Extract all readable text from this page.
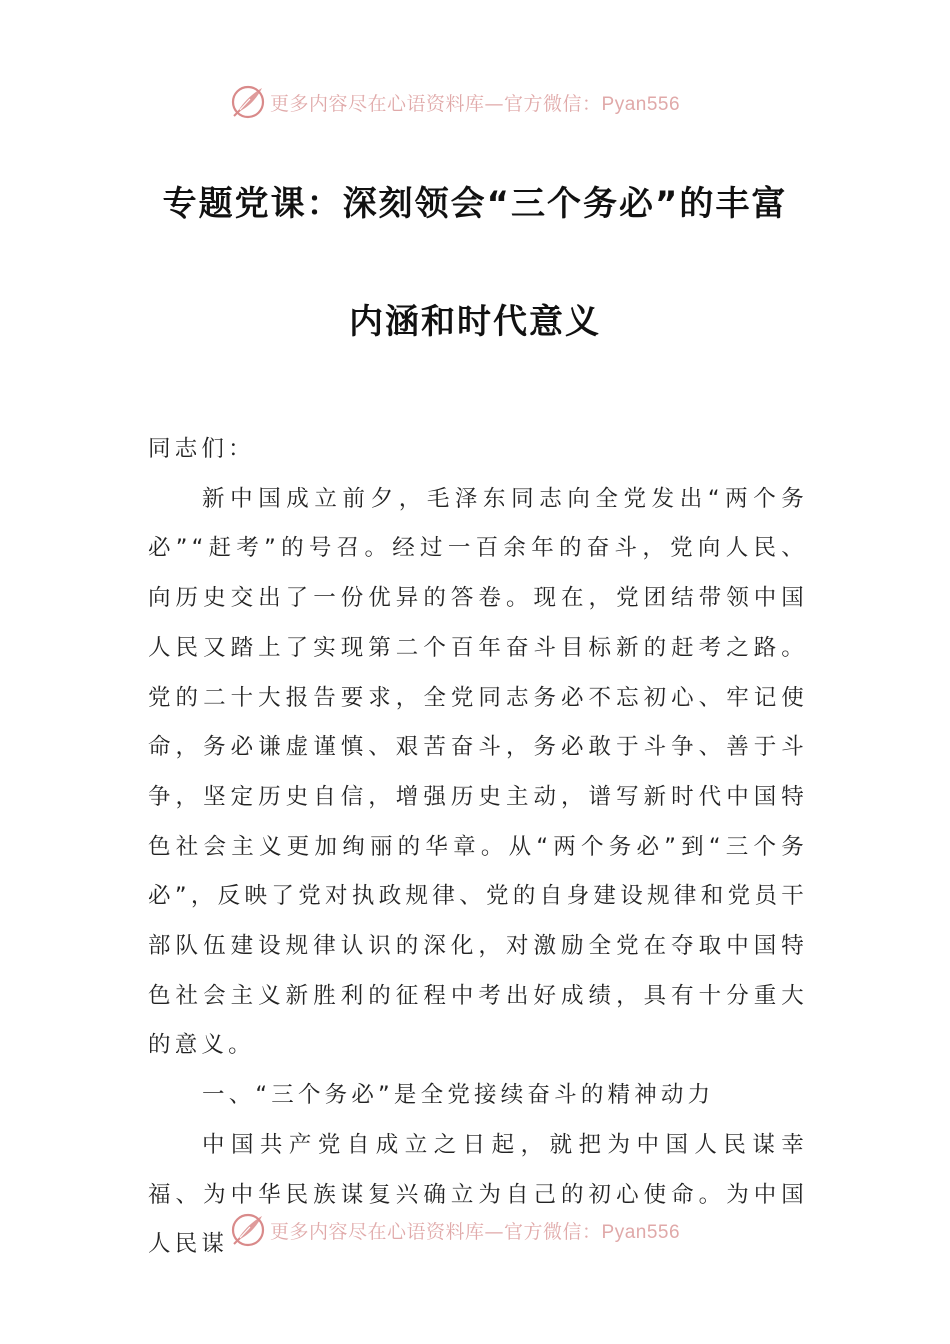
更多内容尽在心语资料库—官方微信：Pyan556
专题党课：深刻领会“三个务必”的丰富
内涵和时代意义

同志们：

新中国成立前夕，毛泽东同志向全党发出“两个务必”“赶考”的号召。经过一百余年的奋斗，党向人民、向历史交出了一份优异的答卷。现在，党团结带领中国人民又踏上了实现第二个百年奋斗目标新的赶考之路。党的二十大报告要求，全党同志务必不忘初心、牢记使命，务必谦虚谨慎、艰苦奋斗，务必敢于斗争、善于斗争，坚定历史自信，增强历史主动，谱写新时代中国特色社会主义更加绚丽的华章。从“两个务必”到“三个务必”，反映了党对执政规律、党的自身建设规律和党员干部队伍建设规律认识的深化，对激励全党在夺取中国特色社会主义新胜利的征程中考出好成绩，具有十分重大的意义。

一、“三个务必”是全党接续奋斗的精神动力

中国共产党自成立之日起，就把为中国人民谋幸福、为中华民族谋复兴确立为自己的初心使命。为中国人民谋	更多内容尽在心语资料库—官方微信：Pyan556
